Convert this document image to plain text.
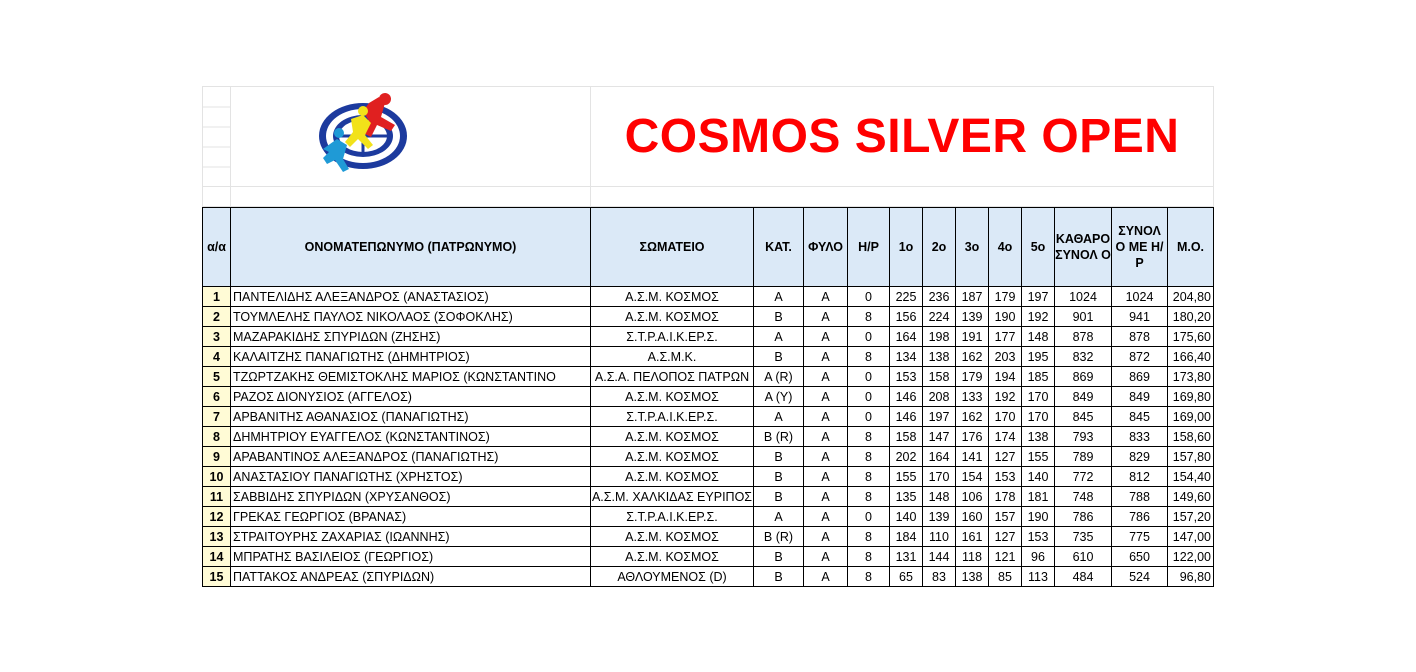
	COSMOS SILVER OPEN

α/α	ΟΝΟΜΑΤΕΠΩΝΥΜΟ (ΠΑΤΡΩΝΥΜΟ)	ΣΩΜΑΤΕΙΟ	ΚΑΤ.	ΦΥΛΟ	Η/Ρ	1ο	2ο	3ο	4ο	5ο	ΚΑΘΑΡΟ ΣΥΝΟΛ Ο	ΣΥΝΟΛ Ο ΜΕ Η/Ρ	Μ.Ο.
1	ΠΑΝΤΕΛΙΔΗΣ ΑΛΕΞΑΝΔΡΟΣ (ΑΝΑΣΤΑΣΙΟΣ)	Α.Σ.Μ. ΚΟΣΜΟΣ	Α	Α	0	225	236	187	179	197	1024	1024	204,80
2	ΤΟΥΜΛΕΛΗΣ ΠΑΥΛΟΣ ΝΙΚΟΛΑΟΣ (ΣΟΦΟΚΛΗΣ)	Α.Σ.Μ. ΚΟΣΜΟΣ	Β	Α	8	156	224	139	190	192	901	941	180,20
3	ΜΑΖΑΡΑΚΙΔΗΣ ΣΠΥΡΙΔΩΝ (ΖΗΣΗΣ)	Σ.Τ.Ρ.Α.Ι.Κ.ΕΡ.Σ.	Α	Α	0	164	198	191	177	148	878	878	175,60
4	ΚΑΛΑΙΤΖΗΣ ΠΑΝΑΓΙΩΤΗΣ (ΔΗΜΗΤΡΙΟΣ)	Α.Σ.Μ.Κ.	Β	Α	8	134	138	162	203	195	832	872	166,40
5	ΤΖΩΡΤΖΑΚΗΣ ΘΕΜΙΣΤΟΚΛΗΣ ΜΑΡΙΟΣ (ΚΩΝΣΤΑΝΤΙΝΟ	Α.Σ.Α. ΠΕΛΟΠΟΣ ΠΑΤΡΩΝ	Α (R)	Α	0	153	158	179	194	185	869	869	173,80
6	ΡΑΖΟΣ ΔΙΟΝΥΣΙΟΣ (ΑΓΓΕΛΟΣ)	Α.Σ.Μ. ΚΟΣΜΟΣ	Α (Υ)	Α	0	146	208	133	192	170	849	849	169,80
7	ΑΡΒΑΝΙΤΗΣ ΑΘΑΝΑΣΙΟΣ (ΠΑΝΑΓΙΩΤΗΣ)	Σ.Τ.Ρ.Α.Ι.Κ.ΕΡ.Σ.	Α	Α	0	146	197	162	170	170	845	845	169,00
8	ΔΗΜΗΤΡΙΟΥ ΕΥΑΓΓΕΛΟΣ (ΚΩΝΣΤΑΝΤΙΝΟΣ)	Α.Σ.Μ. ΚΟΣΜΟΣ	Β (R)	Α	8	158	147	176	174	138	793	833	158,60
9	ΑΡΑΒΑΝΤΙΝΟΣ ΑΛΕΞΑΝΔΡΟΣ (ΠΑΝΑΓΙΩΤΗΣ)	Α.Σ.Μ. ΚΟΣΜΟΣ	Β	Α	8	202	164	141	127	155	789	829	157,80
10	ΑΝΑΣΤΑΣΙΟΥ ΠΑΝΑΓΙΩΤΗΣ (ΧΡΗΣΤΟΣ)	Α.Σ.Μ. ΚΟΣΜΟΣ	Β	Α	8	155	170	154	153	140	772	812	154,40
11	ΣΑΒΒΙΔΗΣ ΣΠΥΡΙΔΩΝ (ΧΡΥΣΑΝΘΟΣ)	Α.Σ.Μ. ΧΑΛΚΙΔΑΣ ΕΥΡΙΠΟΣ	Β	Α	8	135	148	106	178	181	748	788	149,60
12	ΓΡΕΚΑΣ ΓΕΩΡΓΙΟΣ (ΒΡΑΝΑΣ)	Σ.Τ.Ρ.Α.Ι.Κ.ΕΡ.Σ.	Α	Α	0	140	139	160	157	190	786	786	157,20
13	ΣΤΡΑΙΤΟΥΡΗΣ ΖΑΧΑΡΙΑΣ (ΙΩΑΝΝΗΣ)	Α.Σ.Μ. ΚΟΣΜΟΣ	Β (R)	Α	8	184	110	161	127	153	735	775	147,00
14	ΜΠΡΑΤΗΣ ΒΑΣΙΛΕΙΟΣ (ΓΕΩΡΓΙΟΣ)	Α.Σ.Μ. ΚΟΣΜΟΣ	Β	Α	8	131	144	118	121	96	610	650	122,00
15	ΠΑΤΤΑΚΟΣ ΑΝΔΡΕΑΣ (ΣΠΥΡΙΔΩΝ)	ΑΘΛΟΥΜΕΝΟΣ (D)	Β	Α	8	65	83	138	85	113	484	524	96,80
